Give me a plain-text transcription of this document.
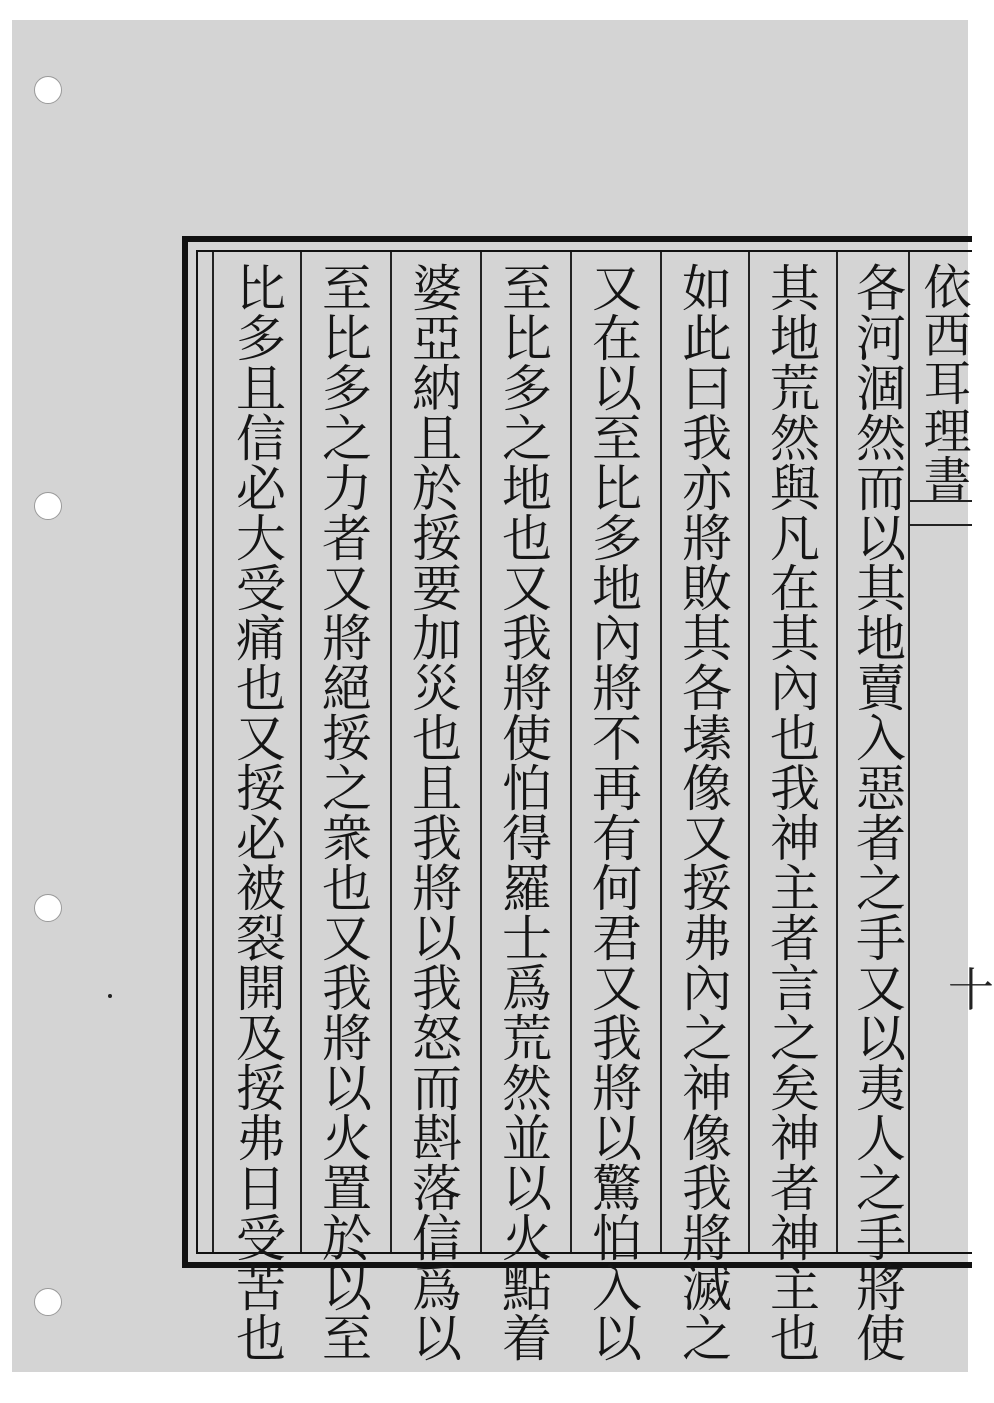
依西耳理書
各河涸然而以其地賣入惡者之手又以夷人之手將使
其地荒然與凡在其內也我神主者言之矣神者神主也
如此曰我亦將敗其各塐像又挼弗內之神像我將滅之
又在以至比多地內將不再有何君又我將以驚怕入以
至比多之地也又我將使怕得羅士爲荒然並以火點着
婆亞納且於挼要加災也且我將以我怒而斟落信爲以
至比多之力者又將絕挼之衆也又我將以火置於以至
比多且信必大受痛也又挼必被裂開及挼弗日受苦也	十
